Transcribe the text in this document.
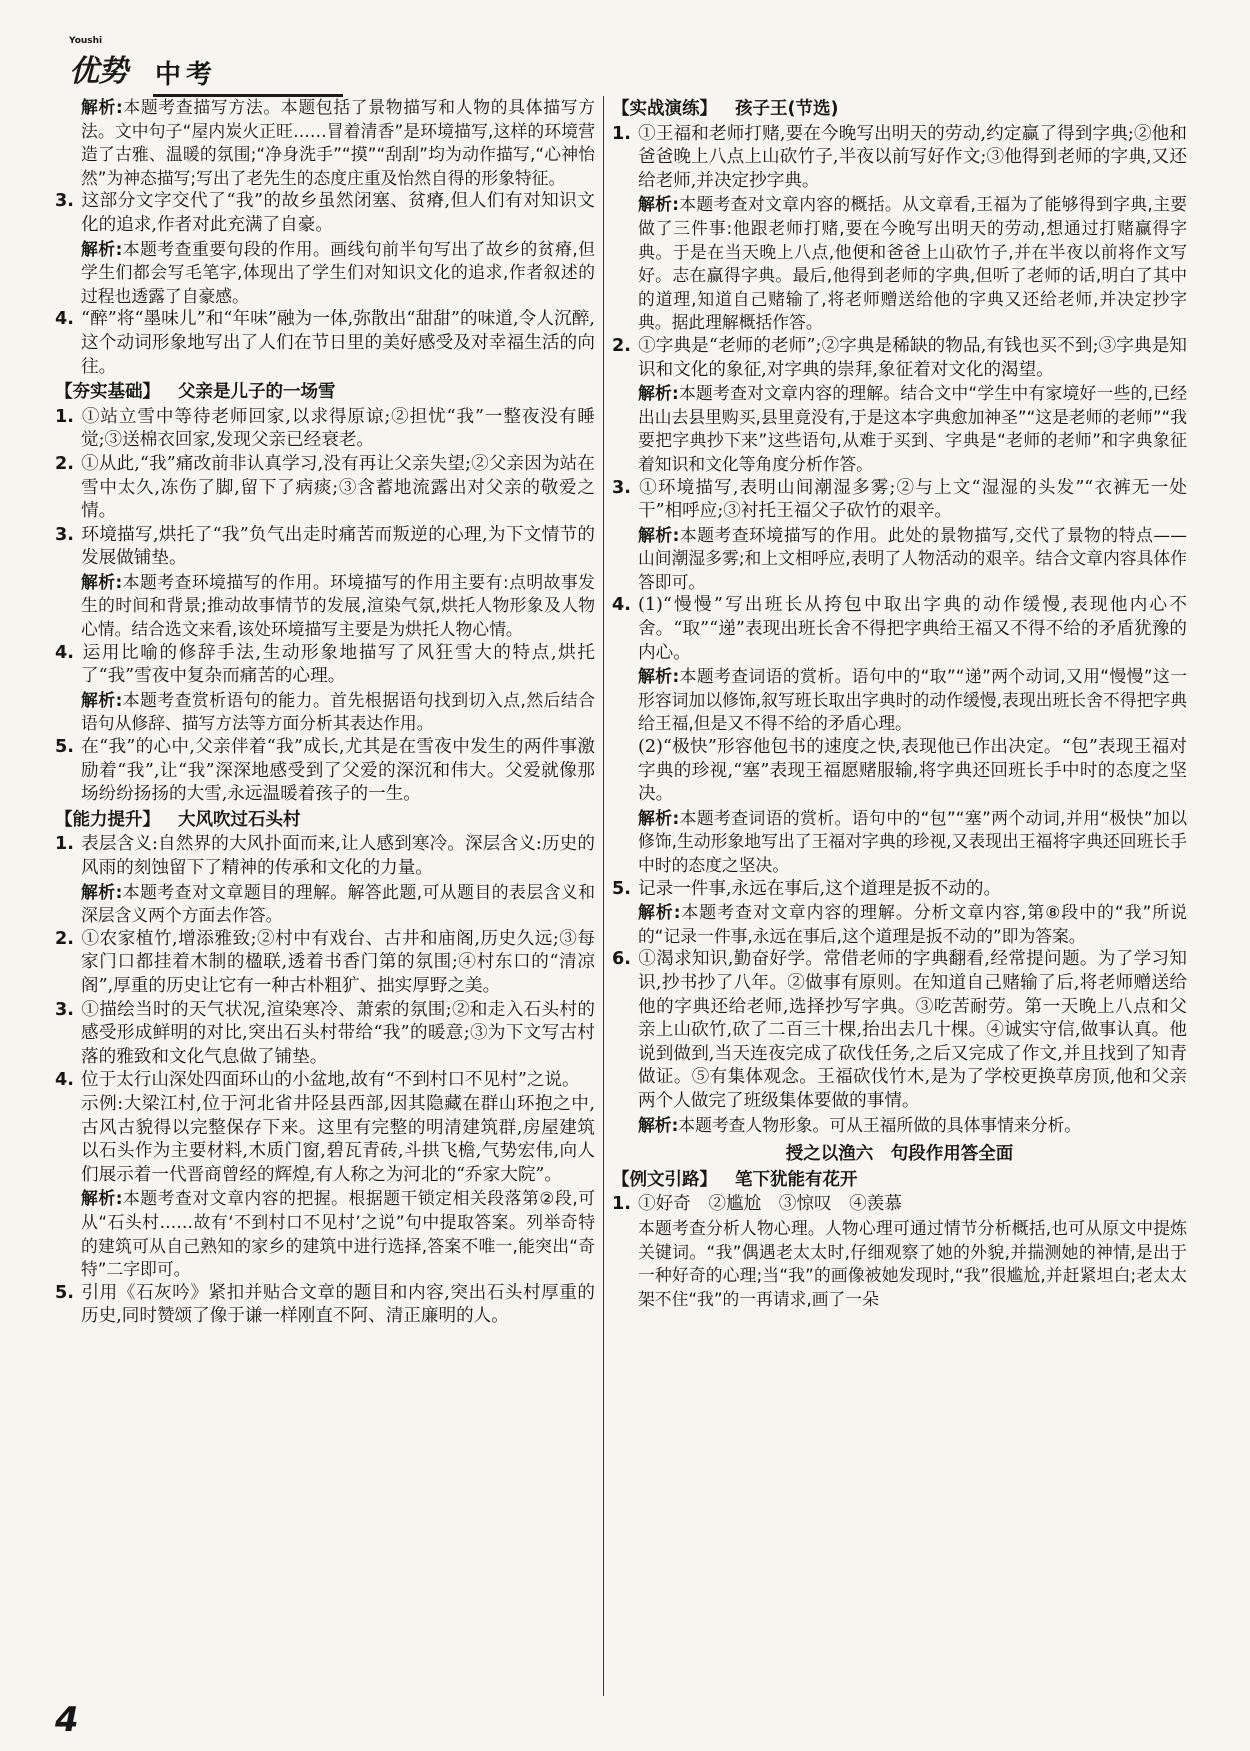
Youshi
优势 中考
解析:本题考查描写方法。本题包括了景物描写和人物的具体描写方法。文中句子“屋内炭火正旺……冒着清香”是环境描写,这样的环境营造了古雅、温暖的氛围;“净身洗手”“摸”“刮刮”均为动作描写,“心神怡然”为神态描写;写出了老先生的态度庄重及怡然自得的形象特征。
3. 这部分文字交代了“我”的故乡虽然闭塞、贫瘠,但人们有对知识文化的追求,作者对此充满了自豪。
解析:本题考查重要句段的作用。画线句前半句写出了故乡的贫瘠,但学生们都会写毛笔字,体现出了学生们对知识文化的追求,作者叙述的过程也透露了自豪感。
4. “醉”将“墨味儿”和“年味”融为一体,弥散出“甜甜”的味道,令人沉醉,这个动词形象地写出了人们在节日里的美好感受及对幸福生活的向往。
【夯实基础】 父亲是儿子的一场雪
1. ①站立雪中等待老师回家,以求得原谅;②担忧“我”一整夜没有睡觉;③送棉衣回家,发现父亲已经衰老。
2. ①从此,“我”痛改前非认真学习,没有再让父亲失望;②父亲因为站在雪中太久,冻伤了脚,留下了病痰;③含蓄地流露出对父亲的敬爱之情。
3. 环境描写,烘托了“我”负气出走时痛苦而叛逆的心理,为下文情节的发展做铺垫。
解析:本题考查环境描写的作用。环境描写的作用主要有:点明故事发生的时间和背景;推动故事情节的发展,渲染气氛,烘托人物形象及人物心情。结合选文来看,该处环境描写主要是为烘托人物心情。
4. 运用比喻的修辞手法,生动形象地描写了风狂雪大的特点,烘托了“我”雪夜中复杂而痛苦的心理。
解析:本题考查赏析语句的能力。首先根据语句找到切入点,然后结合语句从修辞、描写方法等方面分析其表达作用。
5. 在“我”的心中,父亲伴着“我”成长,尤其是在雪夜中发生的两件事激励着“我”,让“我”深深地感受到了父爱的深沉和伟大。父爱就像那场纷纷扬扬的大雪,永远温暖着孩子的一生。
【能力提升】 大风吹过石头村
1. 表层含义:自然界的大风扑面而来,让人感到寒冷。深层含义:历史的风雨的刻蚀留下了精神的传承和文化的力量。
解析:本题考查对文章题目的理解。解答此题,可从题目的表层含义和深层含义两个方面去作答。
2. ①农家植竹,增添雅致;②村中有戏台、古井和庙阁,历史久远;③每家门口都挂着木制的楹联,透着书香门第的氛围;④村东口的“清凉阁”,厚重的历史让它有一种古朴粗犷、拙实厚野之美。
3. ①描绘当时的天气状况,渲染寒冷、萧索的氛围;②和走入石头村的感受形成鲜明的对比,突出石头村带给“我”的暖意;③为下文写古村落的雅致和文化气息做了铺垫。
4. 位于太行山深处四面环山的小盆地,故有“不到村口不见村”之说。
示例:大梁江村,位于河北省井陉县西部,因其隐藏在群山环抱之中,古风古貌得以完整保存下来。这里有完整的明清建筑群,房屋建筑以石头作为主要材料,木质门窗,碧瓦青砖,斗拱飞檐,气势宏伟,向人们展示着一代晋商曾经的辉煌,有人称之为河北的“乔家大院”。
解析:本题考查对文章内容的把握。根据题干锁定相关段落第②段,可从“石头村……故有‘不到村口不见村’之说”句中提取答案。列举奇特的建筑可从自己熟知的家乡的建筑中进行选择,答案不唯一,能突出“奇特”二字即可。
5. 引用《石灰吟》紧扣并贴合文章的题目和内容,突出石头村厚重的历史,同时赞颂了像于谦一样刚直不阿、清正廉明的人。
【实战演练】 孩子王(节选)
1. ①王福和老师打赌,要在今晚写出明天的劳动,约定赢了得到字典;②他和爸爸晚上八点上山砍竹子,半夜以前写好作文;③他得到老师的字典,又还给老师,并决定抄字典。
解析:本题考查对文章内容的概括。从文章看,王福为了能够得到字典,主要做了三件事:他跟老师打赌,要在今晚写出明天的劳动,想通过打赌赢得字典。于是在当天晚上八点,他便和爸爸上山砍竹子,并在半夜以前将作文写好。志在赢得字典。最后,他得到老师的字典,但听了老师的话,明白了其中的道理,知道自己赌输了,将老师赠送给他的字典又还给老师,并决定抄字典。据此理解概括作答。
2. ①字典是“老师的老师”;②字典是稀缺的物品,有钱也买不到;③字典是知识和文化的象征,对字典的崇拜,象征着对文化的渴望。
解析:本题考查对文章内容的理解。结合文中“学生中有家境好一些的,已经出山去县里购买,县里竟没有,于是这本字典愈加神圣”“这是老师的老师”“我要把字典抄下来”这些语句,从难于买到、字典是“老师的老师”和字典象征着知识和文化等角度分析作答。
3. ①环境描写,表明山间潮湿多雾;②与上文“湿湿的头发”“衣裤无一处干”相呼应;③衬托王福父子砍竹的艰辛。
解析:本题考查环境描写的作用。此处的景物描写,交代了景物的特点——山间潮湿多雾;和上文相呼应,表明了人物活动的艰辛。结合文章内容具体作答即可。
4. (1)“慢慢”写出班长从挎包中取出字典的动作缓慢,表现他内心不舍。“取”“递”表现出班长舍不得把字典给王福又不得不给的矛盾犹豫的内心。
解析:本题考查词语的赏析。语句中的“取”“递”两个动词,又用“慢慢”这一形容词加以修饰,叙写班长取出字典时的动作缓慢,表现出班长舍不得把字典给王福,但是又不得不给的矛盾心理。
(2)“极快”形容他包书的速度之快,表现他已作出决定。“包”表现王福对字典的珍视,“塞”表现王福愿赌服输,将字典还回班长手中时的态度之坚决。
解析:本题考查词语的赏析。语句中的“包”“塞”两个动词,并用“极快”加以修饰,生动形象地写出了王福对字典的珍视,又表现出王福将字典还回班长手中时的态度之坚决。
5. 记录一件事,永远在事后,这个道理是扳不动的。
解析:本题考查对文章内容的理解。分析文章内容,第⑧段中的“我”所说的“记录一件事,永远在事后,这个道理是扳不动的”即为答案。
6. ①渴求知识,勤奋好学。常借老师的字典翻看,经常提问题。为了学习知识,抄书抄了八年。②做事有原则。在知道自己赌输了后,将老师赠送给他的字典还给老师,选择抄写字典。③吃苦耐劳。第一天晚上八点和父亲上山砍竹,砍了二百三十棵,抬出去几十棵。④诚实守信,做事认真。他说到做到,当天连夜完成了砍伐任务,之后又完成了作文,并且找到了知青做证。⑤有集体观念。王福砍伐竹木,是为了学校更换草房顶,他和父亲两个人做完了班级集体要做的事情。
解析:本题考查人物形象。可从王福所做的具体事情来分析。
授之以渔六　句段作用答全面
【例文引路】 笔下犹能有花开
1. ①好奇　②尴尬　③惊叹　④羡慕
本题考查分析人物心理。人物心理可通过情节分析概括,也可从原文中提炼关键词。“我”偶遇老太太时,仔细观察了她的外貌,并揣测她的神情,是出于一种好奇的心理;当“我”的画像被她发现时,“我”很尴尬,并赶紧坦白;老太太架不住“我”的一再请求,画了一朵
4
